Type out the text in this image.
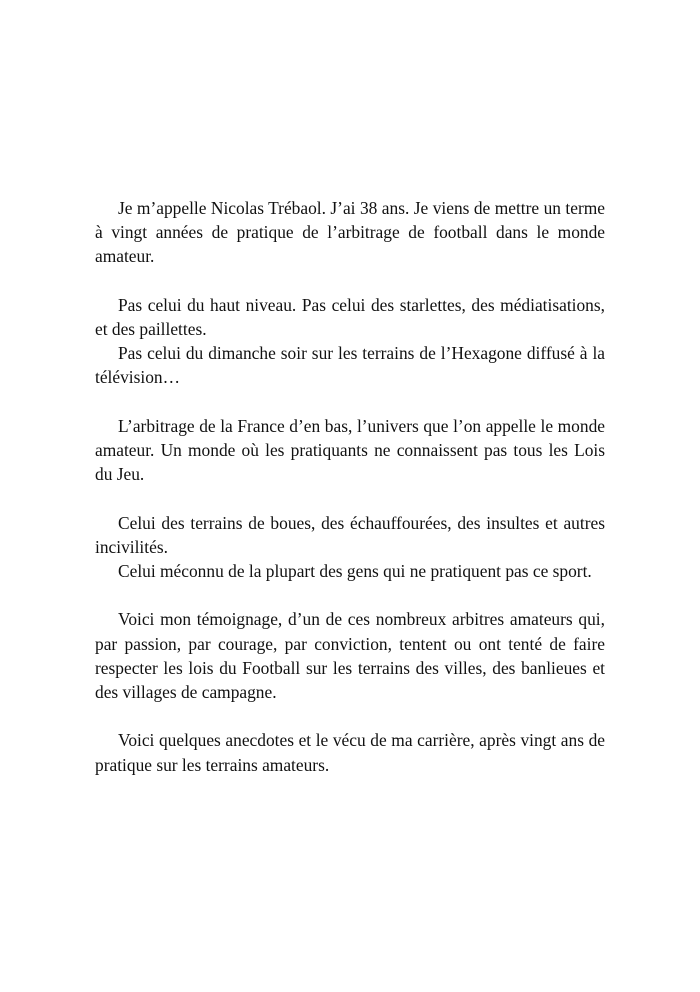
Je m’appelle Nicolas Trébaol. J’ai 38 ans. Je viens de mettre un terme à vingt années de pratique de l’arbitrage de football dans le monde amateur.

Pas celui du haut niveau. Pas celui des starlettes, des médiatisations, et des paillettes.

Pas celui du dimanche soir sur les terrains de l’Hexagone diffusé à la télévision…

L’arbitrage de la France d’en bas, l’univers que l’on appelle le monde amateur. Un monde où les pratiquants ne connaissent pas tous les Lois du Jeu.

Celui des terrains de boues, des échauffourées, des insultes et autres incivilités.

Celui méconnu de la plupart des gens qui ne pratiquent pas ce sport.

Voici mon témoignage, d’un de ces nombreux arbitres amateurs qui, par passion, par courage, par conviction, tentent ou ont tenté de faire respecter les lois du Football sur les terrains des villes, des banlieues et des villages de campagne.

Voici quelques anecdotes et le vécu de ma carrière, après vingt ans de pratique sur les terrains amateurs.
